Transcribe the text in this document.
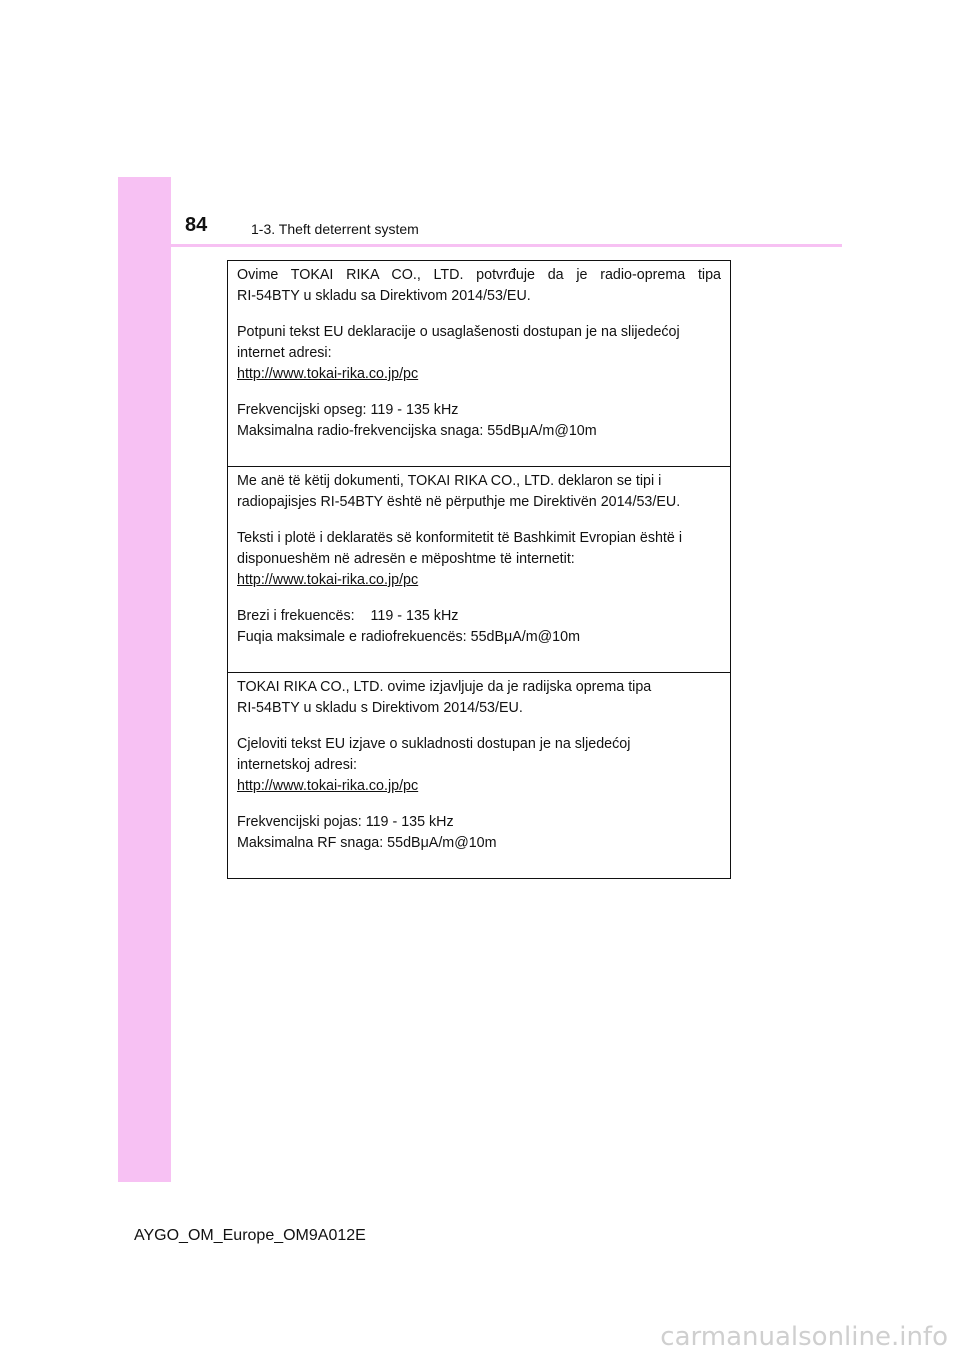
84	1-3. Theft deterrent system
Ovime TOKAI RIKA CO., LTD. potvrđuje da je radio-oprema tipa
RI-54BTY u skladu sa Direktivom 2014/53/EU.
Potpuni tekst EU deklaracije o usaglašenosti dostupan je na slijedećoj
internet adresi:
http://www.tokai-rika.co.jp/pc
Frekvencijski opseg: 119 - 135 kHz
Maksimalna radio-frekvencijska snaga: 55dBμA/m@10m
Me anë të këtij dokumenti, TOKAI RIKA CO., LTD. deklaron se tipi i
radiopajisjes RI-54BTY është në përputhje me Direktivën 2014/53/EU.
Teksti i plotë i deklaratës së konformitetit të Bashkimit Evropian është i
disponueshëm në adresën e mëposhtme të internetit:
http://www.tokai-rika.co.jp/pc
Brezi i frekuencës:    119 - 135 kHz
Fuqia maksimale e radiofrekuencës: 55dBμA/m@10m
TOKAI RIKA CO., LTD. ovime izjavljuje da je radijska oprema tipa
RI-54BTY u skladu s Direktivom 2014/53/EU.
Cjeloviti tekst EU izjave o sukladnosti dostupan je na sljedećoj
internetskoj adresi:
http://www.tokai-rika.co.jp/pc
Frekvencijski pojas: 119 - 135 kHz
Maksimalna RF snaga: 55dBμA/m@10m
AYGO_OM_Europe_OM9A012E
carmanualsonline.info
